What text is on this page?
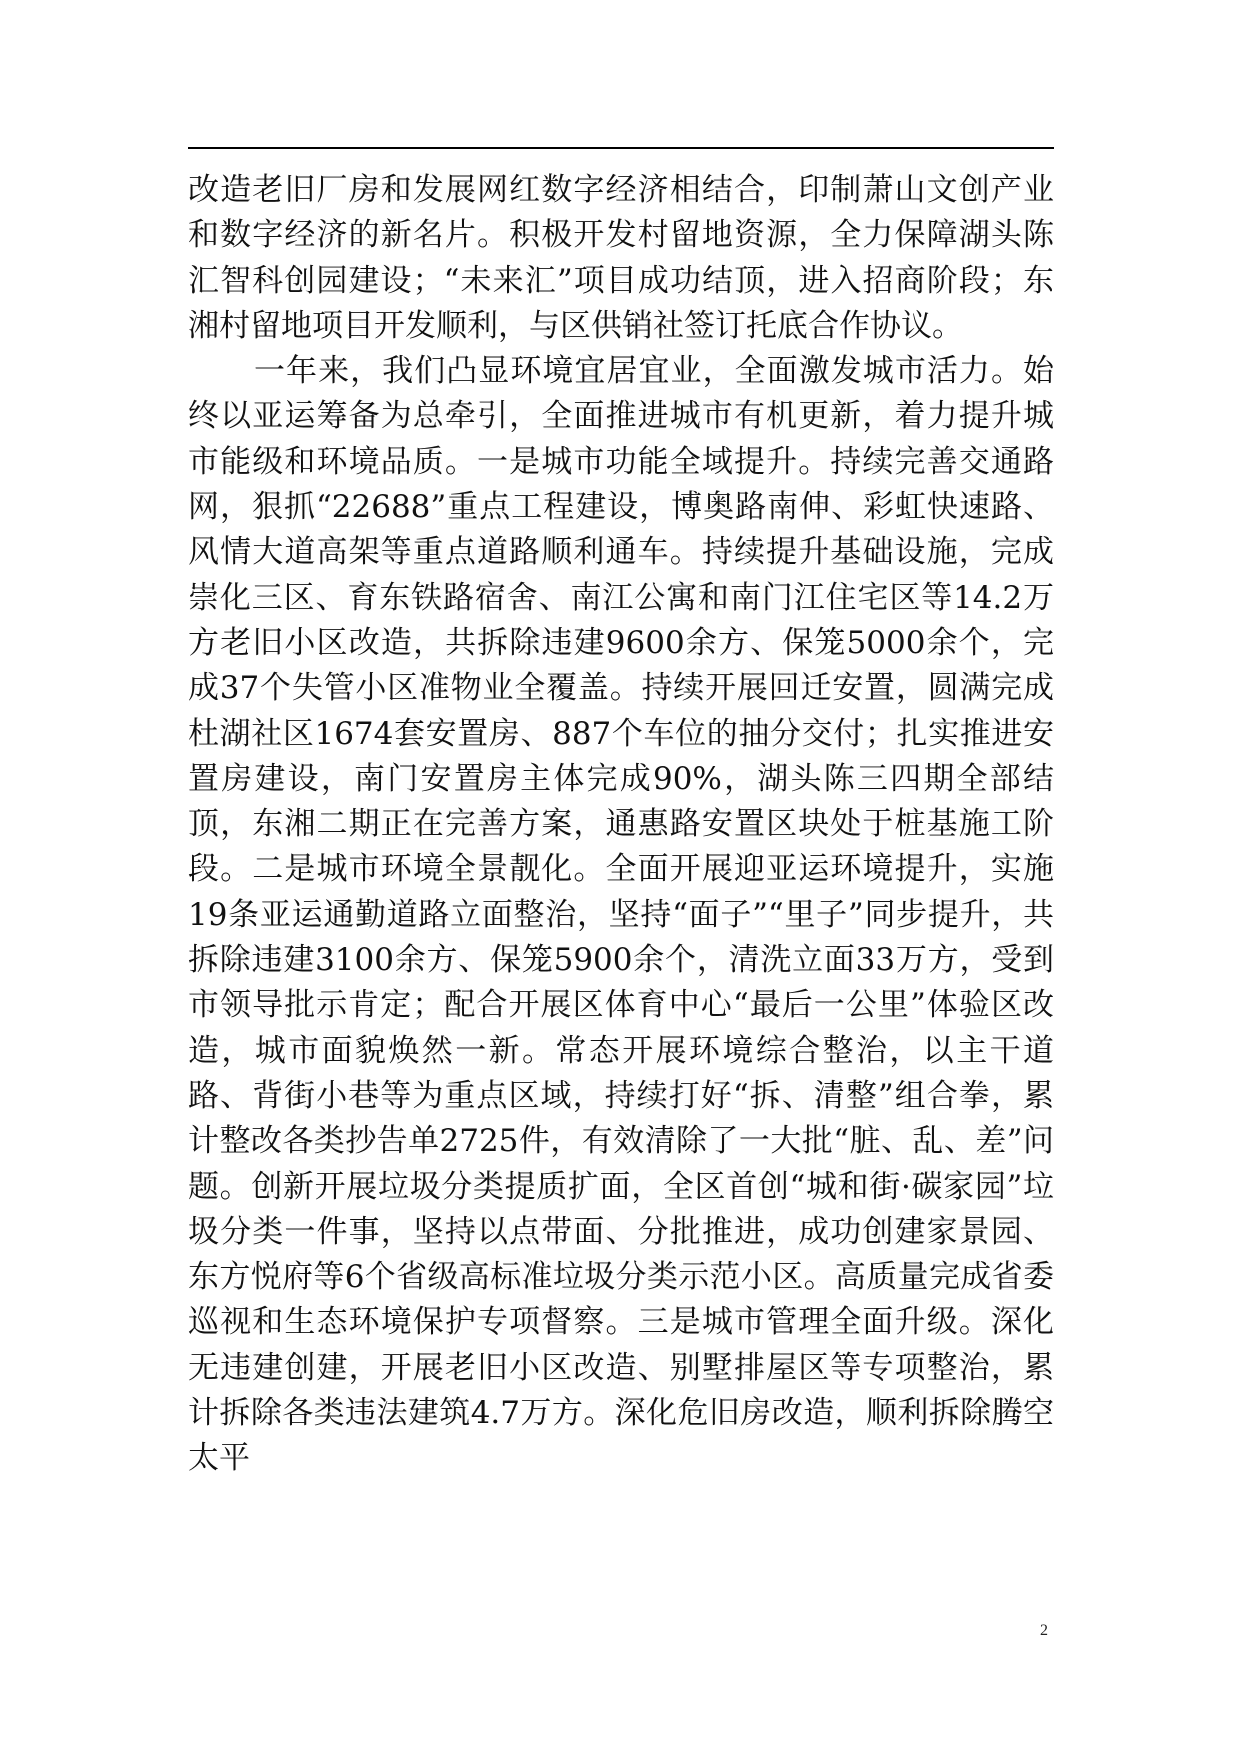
改造老旧厂房和发展网红数字经济相结合，印制萧山文创产业和数字经济的新名片。积极开发村留地资源，全力保障湖头陈汇智科创园建设；“未来汇”项目成功结顶，进入招商阶段；东湘村留地项目开发顺利，与区供销社签订托底合作协议。

一年来，我们凸显环境宜居宜业，全面激发城市活力。始终以亚运筹备为总牵引，全面推进城市有机更新，着力提升城市能级和环境品质。一是城市功能全域提升。持续完善交通路网，狠抓“22688”重点工程建设，博奥路南伸、彩虹快速路、风情大道高架等重点道路顺利通车。持续提升基础设施，完成崇化三区、育东铁路宿舍、南江公寓和南门江住宅区等14.2万方老旧小区改造，共拆除违建9600余方、保笼5000余个，完成37个失管小区准物业全覆盖。持续开展回迁安置，圆满完成杜湖社区1674套安置房、887个车位的抽分交付；扎实推进安置房建设，南门安置房主体完成90%，湖头陈三四期全部结顶，东湘二期正在完善方案，通惠路安置区块处于桩基施工阶段。二是城市环境全景靓化。全面开展迎亚运环境提升，实施19条亚运通勤道路立面整治，坚持“面子”“里子”同步提升，共拆除违建3100余方、保笼5900余个，清洗立面33万方，受到市领导批示肯定；配合开展区体育中心“最后一公里”体验区改造，城市面貌焕然一新。常态开展环境综合整治，以主干道路、背街小巷等为重点区域，持续打好“拆、清整”组合拳，累计整改各类抄告单2725件，有效清除了一大批“脏、乱、差”问题。创新开展垃圾分类提质扩面，全区首创“城和街·碳家园”垃圾分类一件事，坚持以点带面、分批推进，成功创建家景园、东方悦府等6个省级高标准垃圾分类示范小区。高质量完成省委巡视和生态环境保护专项督察。三是城市管理全面升级。深化无违建创建，开展老旧小区改造、别墅排屋区等专项整治，累计拆除各类违法建筑4.7万方。深化危旧房改造，顺利拆除腾空太平

2
